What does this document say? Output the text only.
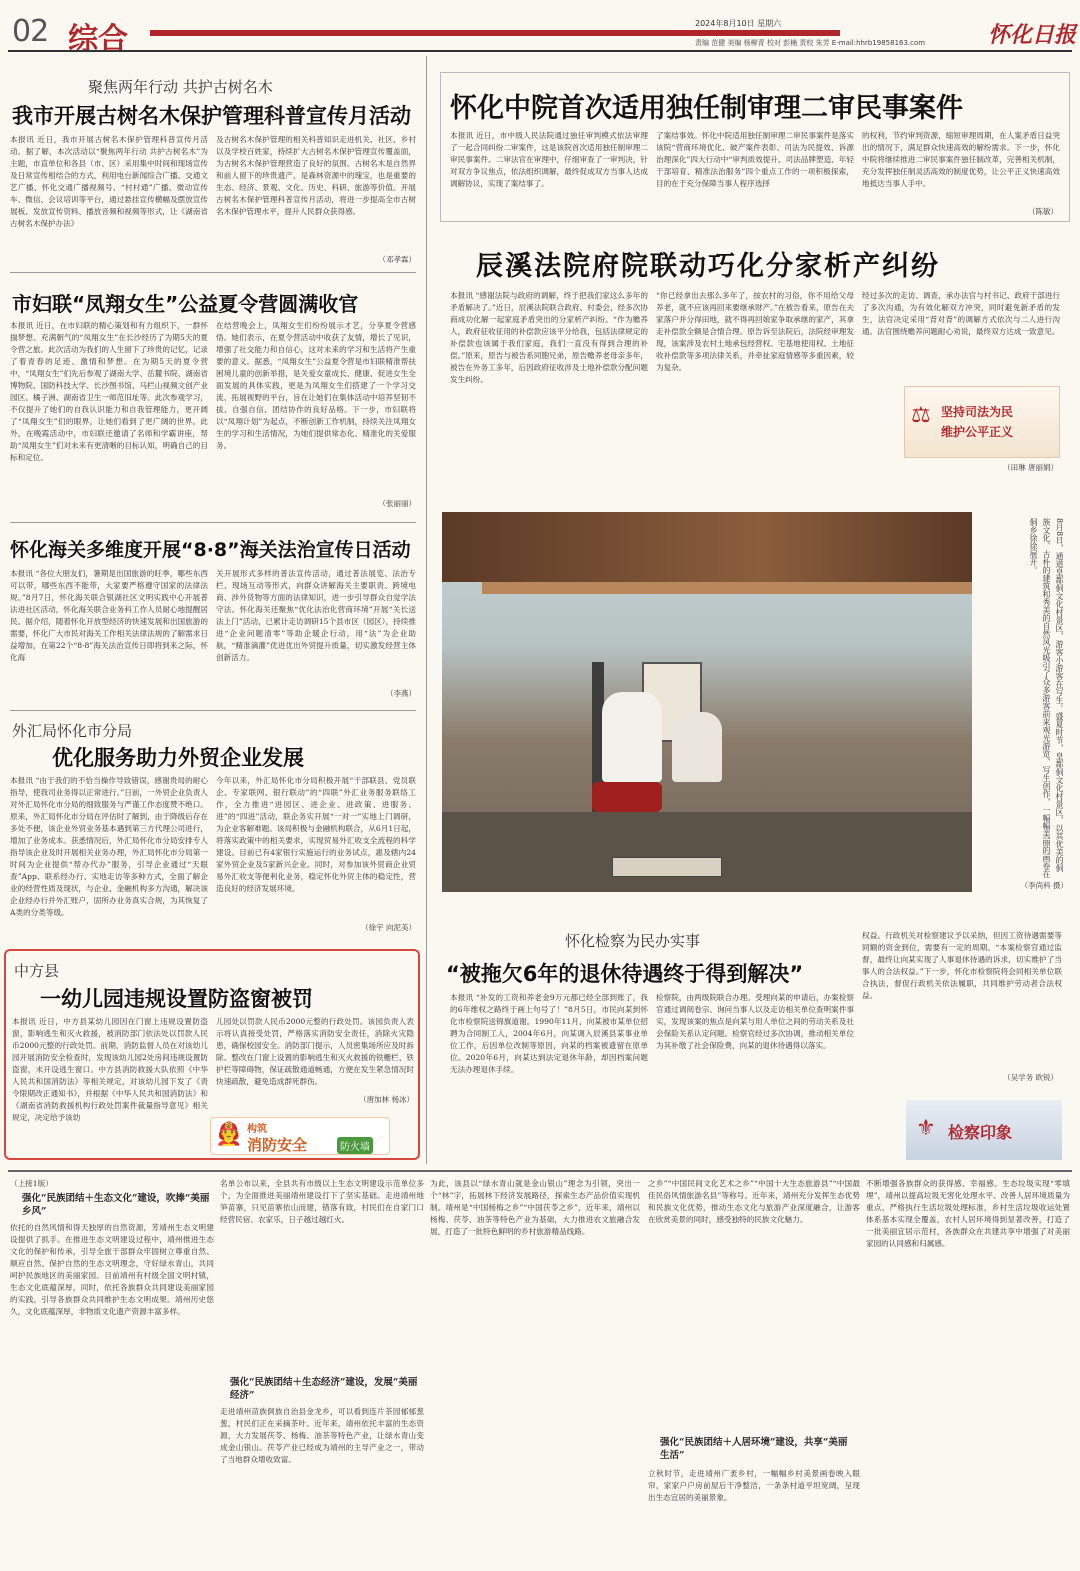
02 综合	2024年8月10日 星期六
责编 范健 美编 杨柳青 校对 彭楠 责校 朱芳 E-mail:hhrb19858163.com	怀化日报
聚焦两年行动 共护古树名木
我市开展古树名木保护管理科普宣传月活动
本报讯 近日，我市开展古树名木保护管理科普宣传月活动。据了解，本次活动以“聚焦两年行动 共护古树名木”为主题，市直单位和各县（市、区）采用集中时间和现场宣传及日常宣传相结合的方式，利用电台新闻综合广播、交通文艺广播、怀化交通广播视频号、“村村通”广播、微动宣传车、微信、会议培训等平台，通过悬挂宣传横幅及摆放宣传展板、发放宣传资料、播放音频和视频等形式，让《湖南省古树名木保护办法》
及古树名木保护管理的相关科普知识走进机关、社区、乡村以及学校百姓家，持续扩大古树名木保护管理宣传覆盖面，为古树名木保护管理营造了良好的氛围。古树名木是自然界和前人留下的珍贵遗产，是森林资源中的瑰宝，也是重要的生态、经济、景观、文化、历史、科研、旅游等价值。开展古树名木保护管理科普宣传月活动，将进一步提高全市古树名木保护管理水平，提升人民群众获得感。
（邓孝霖）
市妇联“凤翔女生”公益夏令营圆满收官
本报讯 近日，在市妇联的精心策划和有力组织下，一群怀揣梦想、充满朝气的“凤翔女生”在长沙经历了为期5天的夏令营之旅。此次活动为我们的人生留下了珍贵的记忆，记录了着青春的足迹、激情和梦想。在为期5天的夏令营中，“凤翔女生”们先后参观了湖南大学、岳麓书院、湖南省博物院、国防科技大学、长沙图书馆、马栏山视频文创产业园区、橘子洲、湖南省卫生一师范旧址等。此次参观学习，不仅提升了她们的自我认识能力和自我管理能力，更开阔了“凤翔女生”们的眼界，让她们看到了更广阔的世界。此外，在晚霞活动中，市妇联还邀请了名师和学霸讲座，帮助“凤翔女生”们对未来有更清晰的目标认知，明确自己的目标和定位。
在结营晚会上，凤翔女生们纷纷展示才艺，分享夏令营感悟。她们表示，在夏令营活动中收获了友情，增长了见识，增强了社交能力和自信心，这对未来的学习和生活将产生重要的意义。据悉，“凤翔女生”公益夏令营是市妇联精准帮扶困境儿童的创新举措，是关爱女童成长、健康、促进女生全面发展的具体实践，更是为凤翔女生们搭建了一个学习交流、拓展视野的平台，旨在让她们在集体活动中培养坚韧不拔、自强自信、团结协作的良好品格。下一步，市妇联将以“凤翔计划”为起点，不断创新工作机制，持续关注凤翔女生的学习和生活情况，为她们提供常态化、精准化的关爱服务。
（张丽丽）
怀化海关多维度开展“8·8”海关法治宣传日活动
本报讯 “各位大朋友们，暑期是出国旅游的旺季，哪些东西可以带，哪些东西不能带，大家要严格遵守国家的法律法规。”8月7日，怀化海关联合银湖社区文明实践中心开展普法进社区活动，怀化海关联合业务科工作人员耐心地提醒居民。据介绍，随着怀化开放型经济的快速发展和出国旅游的需要，怀化广大市民对海关工作相关法律法规的了解需求日益增加，在第22个“8·8”海关法治宣传日即将到来之际，怀化海
关开展形式多样的普法宣传活动，通过普法展览、法治专栏、现场互动等形式，向群众讲解海关主要职责、跨境电商、涉外货物等方面的法律知识，进一步引导群众自觉学法守法。怀化海关还聚焦“优化法治化营商环境”开展“关长送法上门”活动，已累计走访调研15个县市区（园区），持续推进“企业问题清零”等助企暖企行动，用“法”为企业助航，“精准滴灌”优进优出外贸提升质量，切实激发经营主体创新活力。
（李燕）
外汇局怀化市分局
优化服务助力外贸企业发展
本报讯 “由于我们的不恰当操作导致错误，感谢贵局的耐心指导，使我司业务得以正常进行。”日前，一外贸企业负责人对外汇局怀化市分局的细致服务与严谨工作态度赞不绝口。原来，外汇局怀化市分局在评估时了解到，由于降级后存在多处不便，该企业外贸业务基本遇到第三方代理公司进行，增加了业务成本。获悉情况后，外汇局怀化市分局安排专人指导该企业及时开展相关业务办理，外汇局怀化市分局第一时间为企业提供“帮办代办”服务，引导企业通过“天眼查”App、联系经办行、实地走访等多种方式，全面了解企业的经营性质及现状，与企业、金融机构多方沟通，解决该企业经办行并外汇账户，固所办业务真实合规，为其恢复了A类的分类等级。
今年以来，外汇局怀化市分局积极开展“干部联县、党员联企、专家联网、银行联动”的“四联”外汇业务服务联络工作，全力推进“进园区、进企业、进政策、进服务、进”的“四进”活动，联企务实开展“一对一”实地上门调研，为企业客解难题。该局积极与金融机构联合，从6月1日起，将落实政策中的相关要求，实现贸易外汇收支全流程的科学建设。目前已有4家银行实施运行的业务试点，惠及辖内24家外贸企业及5家新兴企业。同时，对参加该外贸商企业贸易外汇收支等便利化业务，稳定怀化外贸主体的稳定性，营造良好的经济发展环境。
（徐宇 向泥美）
中方县
一幼儿园违规设置防盗窗被罚
本报讯 近日，中方县某幼儿园因在门窗上违规设置防盗窗，影响逃生和灭火救援，被消防部门依法处以罚款人民币2000元整的行政处罚。前期，消防监督人员在对该幼儿园开展消防安全检查时，发现该幼儿园2处房间违规设置防盗窗，未开设逃生窗口。中方县消防救援大队依照《中华人民共和国消防法》等相关规定，对该幼儿园下发了《责令限期改正通知书》，并根据《中华人民共和国消防法》和《湖南省消防救援机构行政处罚案件裁量指导意见》相关规定，决定给予该幼
儿园处以罚款人民币2000元整的行政处罚。该园负责人表示将认真接受处罚，严格落实消防安全责任，消除火灾隐患，确保校园安全。消防部门提示，人员密集场所应及时拆除、整改在门窗上设置的影响逃生和灭火救援的铁栅栏、铁护栏等障碍物，保证疏散通道畅通，方便在发生紧急情况时快速疏散，避免造成群死群伤。
（唐加林 杨冰）
👨‍🚒 构筑
消防安全	防火墙
怀化中院首次适用独任制审理二审民事案件
本报讯 近日，市中级人民法院通过独任审判模式依法审理了一起合同纠纷二审案件，这是该院首次适用独任制审理二审民事案件。二审法官在审理中，仔细审查了一审判决，针对双方争议焦点，依法组织调解，最终促成双方当事人达成调解协议，实现了案结事了。
了案结事效。怀化中院适用独任制审理二审民事案件是落实该院“营商环境优化、破产案件表彰、司法为民提效、诉源治理深化”四大行动中“审判质效提升、司法品牌塑造、年轻干部培育、精准法治服务”四个重点工作的一项积极探索，目的在于充分保障当事人程序选择
的权利，节约审判资源，缩短审理周期，在人案矛盾日益突出的情况下，满足群众快速高效的解纷需求。下一步，怀化中院将继续推进二审民事案件独任制改革，完善相关机制，充分发挥独任制灵活高效的制度优势，让公平正义快速高效地抵达当事人手中。
（陈敏）
辰溪法院府院联动巧化分家析产纠纷
本报讯 “感谢法院与政府的调解，终于把我们家这么多年的矛盾解决了。”近日，辰溪法院联合政府、村委会，经多次协商成功化解一起家庭矛盾突出的分家析产纠纷。“作为赡养人，政府征收征用的补偿款应该平分给我，包括法律规定的补偿款也该属于我们家庭，我们一直没有得到合理的补偿。”原来，原告与被告系同胞兄弟，原告赡养老母亲多年，被告在外务工多年，后因政府征收涉及土地补偿款分配问题发生纠纷。
“你已经拿出去那么多年了，按农村的习俗，你不用给父母养老，就不应该再回来要继承财产。”在被告看来，原告在夫家落户并分得田地，就不得再回娘家争取承继的家产，其拿走补偿款全额是合情合理。原告诉至法院后，法院经审理发现，该案涉及农村土地承包经营权、宅基地使用权、土地征收补偿款等多项法律关系，并牵扯家庭情感等多重因素，较为复杂。
经过多次的走访、调查，承办法官与村书记、政府干部进行了多次沟通，为有效化解双方冲突，同时避免新矛盾的发生，法官决定采用“背对背”的调解方式依次与二人进行沟通。法官围绕赡养问题耐心劝说，最终双方达成一致意见。
⚖ 坚持司法为民
维护公平正义
（田琳 唐丽娟）
8月8日，通道皇都侗文化村景区，游客小游客在写生。盛夏时节，皇都侗文化村景区，以其优美的侗族文化、古朴的建筑和秀美的自然风光吸引了众多游客前来观光游览、写生创作，一幅幅美丽的画卷在侗乡徐徐展开。
（李尚科 摄）
怀化检察为民办实事
“被拖欠6年的退休待遇终于得到解决”
本报讯 “补发的工资和养老金9万元都已经全部到账了，我的6年维权之路终于画上句号了！”8月5日，市民向某到怀化市检察院送锦旗道谢。1990年11月，向某被市某单位招聘为合同制工人，2004年6月，向某调入辰溪县某事业单位工作，后因单位改制等原因，向某的档案被遗留在原单位。2020年6月，向某达到法定退休年龄，却因档案问题无法办理退休手续。
检察院，由两级院联合办理。受理向某的申请后，办案检察官通过调阅卷宗、询问当事人以及走访相关单位查明案件事实，发现该案的焦点是向某与用人单位之间的劳动关系及社会保险关系认定问题。检察官经过多次协调，推动相关单位为其补缴了社会保险费，向某的退休待遇得以落实。
权益。行政机关对检察建议予以采纳，但因工资待遇需要等同额的资金到位，需要有一定的周期。“本案检察官通过监督，最终让向某实现了人事退休待遇的诉求，切实维护了当事人的合法权益。”下一步，怀化市检察院将会同相关单位联合执法，督促行政机关依法履职，共同维护劳动者合法权益。
（吴学务 欧锐）
⚜ 检察印象
（上接1版）
强化“民族团结＋生态文化”建设，吹捧“美丽乡风”
依托的自然风情和得天独厚的自然资源，芳靖州生态文明建设提供了抓手。在推进生态文明建设过程中，靖州推进生态文化的保护和传承，引导全旅干部群众牢固树立尊重自然、顺应自然、保护自然的生态文明理念，守好绿水青山，共同呵护民族地区的美丽家园。目前靖州有村级全国文明村镇，生态文化底蕴深厚，同时，依托各族群众共同建设美丽家园的实践，引导各族群众共同维护生态文明成果。靖州历史悠久，文化底蕴深厚，非物质文化遗产资源丰富多样。
名单公布以来，全县共有市级以上生态文明建设示范单位多个，为全面推进美丽靖州建设打下了坚实基础。走进靖州地笋苗寨，只见苗寨依山而建，错落有致，村民们在自家门口经营民宿、农家乐，日子越过越红火。
强化“民族团结＋生态经济”建设，发展“美丽经济”
走进靖州苗族侗族自治县金龙乡，可以看到连片茶园郁郁葱葱，村民们正在采摘茶叶。近年来，靖州依托丰富的生态资源，大力发展茯苓、杨梅、油茶等特色产业，让绿水青山变成金山银山。茯苓产业已经成为靖州的主导产业之一，带动了当地群众增收致富。
为此，该县以“绿水青山就是金山银山”理念为引领，突出一个“林”字，拓展林下经济发展路径，探索生态产品价值实现机制。靖州是“中国杨梅之乡”“中国茯苓之乡”，近年来，靖州以杨梅、茯苓、油茶等特色产业为基础，大力推进农文旅融合发展，打造了一批特色鲜明的乡村旅游精品线路。
之乡”“中国民间文化艺术之乡”“中国十大生态旅游县”“中国最佳民俗风情旅游名县”等称号。近年来，靖州充分发挥生态优势和民族文化优势，推动生态文化与旅游产业深度融合，让游客在欣赏美景的同时，感受独特的民族文化魅力。
强化“民族团结＋人居环境”建设，共享“美丽生活”
立秋时节，走进靖州广袤乡村，一幅幅乡村美景画卷映入眼帘，家家户户房前屋后干净整洁，一条条村道平坦宽阔，呈现出生态宜居的美丽景象。
不断增强各族群众的获得感、幸福感。生态垃圾实现“零填埋”，靖州以提高垃圾无害化处理水平、改善人居环境质量为重点，严格执行生活垃圾处理标准，乡村生活垃圾收运处置体系基本实现全覆盖，农村人居环境得到显著改善，打造了一批美丽宜居示范村，各族群众在共建共享中增强了对美丽家园的认同感和归属感。
